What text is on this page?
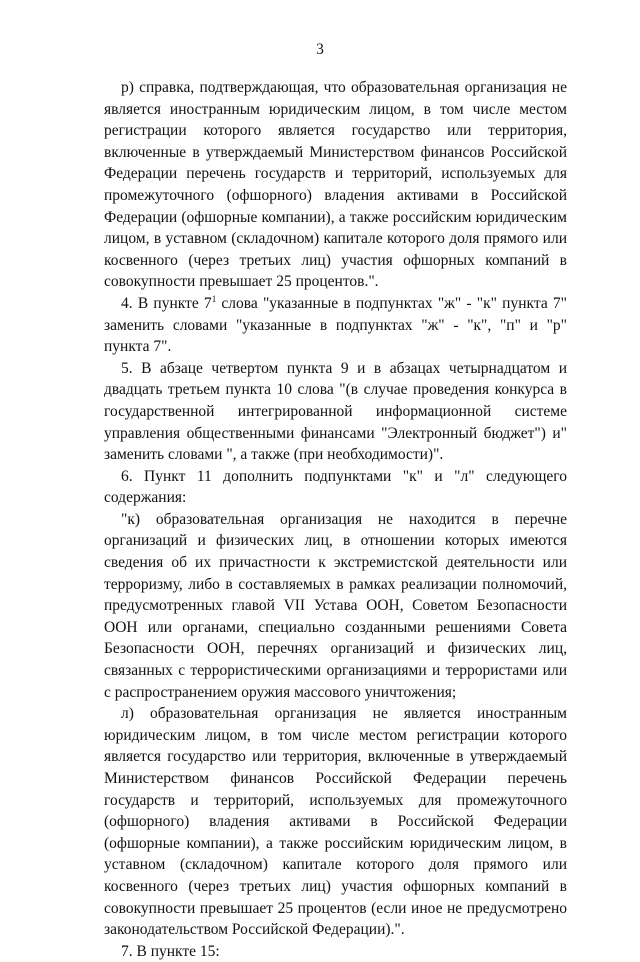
3

р) справка, подтверждающая, что образовательная организация не является иностранным юридическим лицом, в том числе местом регистрации которого является государство или территория, включенные в утверждаемый Министерством финансов Российской Федерации перечень государств и территорий, используемых для промежуточного (офшорного) владения активами в Российской Федерации (офшорные компании), а также российским юридическим лицом, в уставном (складочном) капитале которого доля прямого или косвенного (через третьих лиц) участия офшорных компаний в совокупности превышает 25 процентов.".

4. В пункте $7^1$ слова "указанные в подпунктах "ж" - "к" пункта 7" заменить словами "указанные в подпунктах "ж" - "к", "п" и "р" пункта 7".

5. В абзаце четвертом пункта 9 и в абзацах четырнадцатом и двадцать третьем пункта 10 слова "(в случае проведения конкурса в государственной интегрированной информационной системе управления общественными финансами "Электронный бюджет") и" заменить словами ", а также (при необходимости)".

6. Пункт 11 дополнить подпунктами "к" и "л" следующего содержания:

"к) образовательная организация не находится в перечне организаций и физических лиц, в отношении которых имеются сведения об их причастности к экстремистской деятельности или терроризму, либо в составляемых в рамках реализации полномочий, предусмотренных главой VII Устава ООН, Советом Безопасности ООН или органами, специально созданными решениями Совета Безопасности ООН, перечнях организаций и физических лиц, связанных с террористическими организациями и террористами или с распространением оружия массового уничтожения;

л) образовательная организация не является иностранным юридическим лицом, в том числе местом регистрации которого является государство или территория, включенные в утверждаемый Министерством финансов Российской Федерации перечень государств и территорий, используемых для промежуточного (офшорного) владения активами в Российской Федерации (офшорные компании), а также российским юридическим лицом, в уставном (складочном) капитале которого доля прямого или косвенного (через третьих лиц) участия офшорных компаний в совокупности превышает 25 процентов (если иное не предусмотрено законодательством Российской Федерации).".

7. В пункте 15:
